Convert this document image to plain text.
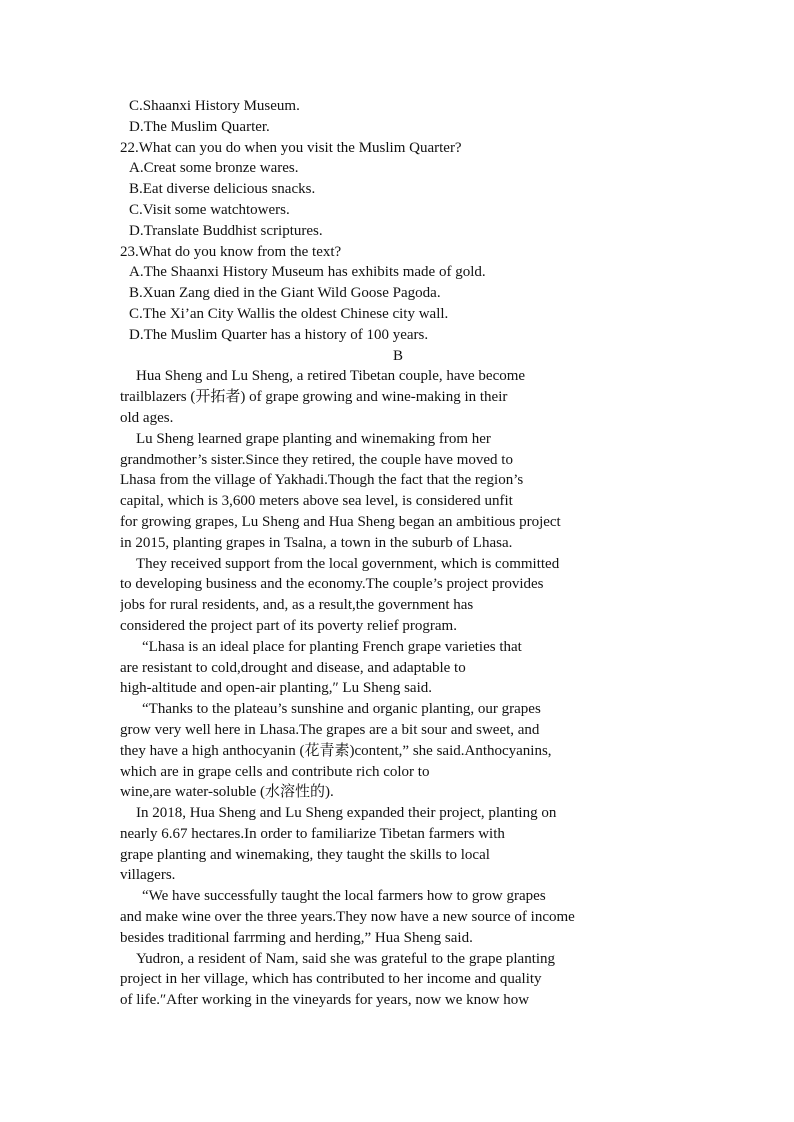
C.Shaanxi History Museum.
D.The Muslim Quarter.
22.What can you do when you visit the Muslim Quarter?
A.Creat some bronze wares.
B.Eat diverse delicious snacks.
C.Visit some watchtowers.
D.Translate Buddhist scriptures.
23.What do you know from the text?
A.The Shaanxi History Museum has exhibits made of gold.
B.Xuan Zang died in the Giant Wild Goose Pagoda.
C.The Xi’an City Wallis the oldest Chinese city wall.
D.The Muslim Quarter has a history of 100 years.
B
Hua Sheng and Lu Sheng, a retired Tibetan couple, have become
trailblazers (开拓者) of grape growing and wine-making in their
old ages.
Lu Sheng learned grape planting and winemaking from her
grandmother’s sister.Since they retired, the couple have moved to
Lhasa from the village of Yakhadi.Though the fact that the region’s
capital, which is 3,600 meters above sea level, is considered unfit
for growing grapes, Lu Sheng and Hua Sheng began an ambitious project
in 2015, planting grapes in Tsalna, a town in the suburb of Lhasa.
They received support from the local government, which is committed
to developing business and the economy.The couple’s project provides
jobs for rural residents, and, as a result,the government has
considered the project part of its poverty relief program.
“Lhasa is an ideal place for planting French grape varieties that
are resistant to cold,drought and disease, and adaptable to
high-altitude and open-air planting,″ Lu Sheng said.
“Thanks to the plateau’s sunshine and organic planting, our grapes
grow very well here in Lhasa.The grapes are a bit sour and sweet, and
they have a high anthocyanin (花青素)content,” she said.Anthocyanins,
which are in grape cells and contribute rich color to
wine,are water-soluble (水溶性的).
In 2018, Hua Sheng and Lu Sheng expanded their project, planting on
nearly 6.67 hectares.In order to familiarize Tibetan farmers with
grape planting and winemaking, they taught the skills to local
villagers.
“We have successfully taught the local farmers how to grow grapes
and make wine over the three years.They now have a new source of income
besides traditional farrming and herding,” Hua Sheng said.
Yudron, a resident of Nam, said she was grateful to the grape planting
project in her village, which has contributed to her income and quality
of life.″After working in the vineyards for years, now we know how
